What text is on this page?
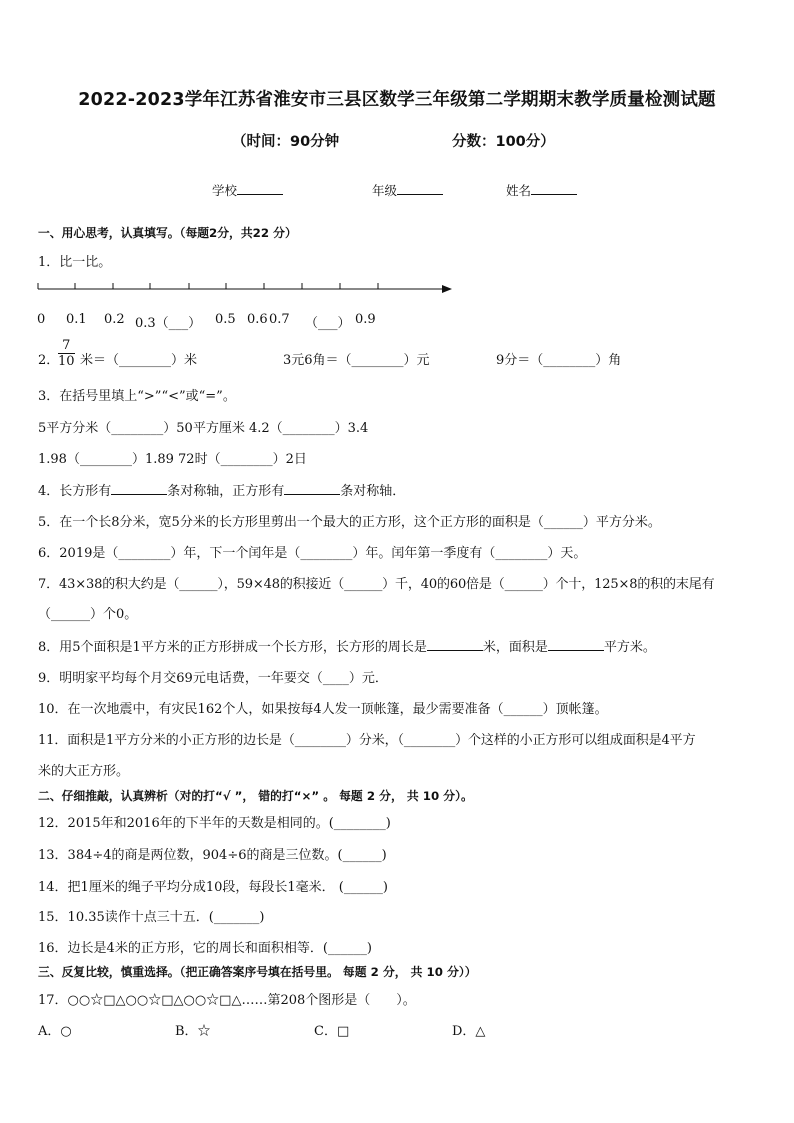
2022-2023学年江苏省淮安市三县区数学三年级第二学期期末教学质量检测试题
（时间：90分钟	分数：100分）
学校	年级	姓名
一、用心思考，认真填写。（每题2分，共22 分）
1．比一比。
0 0.1 0.2 0.3（___） 0.5 0.6 0.7 （___） 0.9
2．
$\frac{7}{10}$ 米＝（________）米	3元6角＝（________）元	9分＝（________）角
3．在括号里填上“>”“<”或“=”。
5平方分米（________）50平方厘米 4.2（________）3.4
1.98（________）1.89 72时（________）2日
4．长方形有	条对称轴，正方形有	条对称轴．
5．在一个长8分米，宽5分米的长方形里剪出一个最大的正方形，这个正方形的面积是（______）平方分米。
6．2019是（________）年，下一个闰年是（________）年。闰年第一季度有（________）天。
7．43×38的积大约是（______），59×48的积接近（______）千，40的60倍是（______）个十，125×8的积的末尾有
（______）个0。
8．用5个面积是1平方米的正方形拼成一个长方形，长方形的周长是	米，面积是	平方米。
9．明明家平均每个月交69元电话费，一年要交（____）元．
10．在一次地震中，有灾民162个人，如果按每4人发一顶帐篷，最少需要准备（______）顶帐篷。
11．面积是1平方分米的小正方形的边长是（________）分米，（________）个这样的小正方形可以组成面积是4平方
米的大正方形。
二、仔细推敲，认真辨析（对的打“√ ”， 错的打“×” 。 每题 2 分， 共 10 分）。
12．2015年和2016年的下半年的天数是相同的。(________)
13．384÷4的商是两位数，904÷6的商是三位数。(______)
14．把1厘米的绳子平均分成10段，每段长1毫米． (______)
15．10.35读作十点三十五．(_______)
16．边长是4米的正方形，它的周长和面积相等．(______)
三、反复比较，慎重选择。（把正确答案序号填在括号里。 每题 2 分， 共 10 分））
17．○○☆□△○○☆□△○○☆□△……第208个图形是（　　）。
A．○	B．☆	C．□	D．△
